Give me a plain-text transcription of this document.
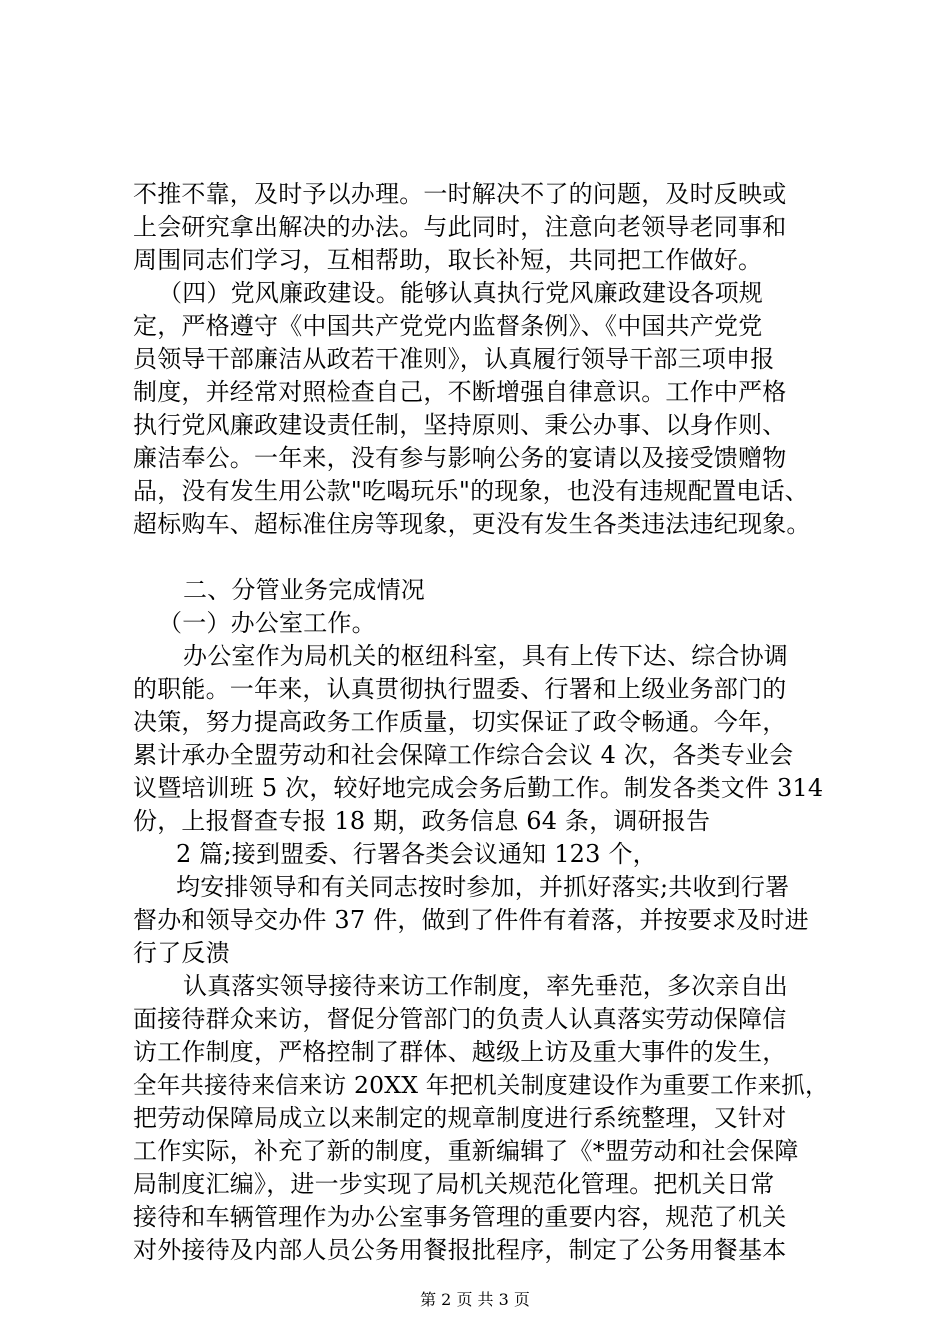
不推不靠，及时予以办理。一时解决不了的问题，及时反映或
上会研究拿出解决的办法。与此同时，注意向老领导老同事和
周围同志们学习，互相帮助，取长补短，共同把工作做好。
（四）党风廉政建设。能够认真执行党风廉政建设各项规
定，严格遵守《中国共产党党内监督条例》、《中国共产党党
员领导干部廉洁从政若干准则》，认真履行领导干部三项申报
制度，并经常对照检查自己，不断增强自律意识。工作中严格
执行党风廉政建设责任制，坚持原则、秉公办事、以身作则、
廉洁奉公。一年来，没有参与影响公务的宴请以及接受馈赠物
品，没有发生用公款"吃喝玩乐"的现象，也没有违规配置电话、
超标购车、超标准住房等现象，更没有发生各类违法违纪现象。
二、分管业务完成情况
（一）办公室工作。
办公室作为局机关的枢纽科室，具有上传下达、综合协调
的职能。一年来，认真贯彻执行盟委、行署和上级业务部门的
决策，努力提高政务工作质量，切实保证了政令畅通。今年，
累计承办全盟劳动和社会保障工作综合会议 4 次，各类专业会
议暨培训班 5 次，较好地完成会务后勤工作。制发各类文件 314
份，上报督查专报 18 期，政务信息 64 条，调研报告
2 篇;接到盟委、行署各类会议通知 123 个，
均安排领导和有关同志按时参加，并抓好落实;共收到行署
督办和领导交办件 37 件，做到了件件有着落，并按要求及时进
行了反溃
认真落实领导接待来访工作制度，率先垂范，多次亲自出
面接待群众来访，督促分管部门的负责人认真落实劳动保障信
访工作制度，严格控制了群体、越级上访及重大事件的发生，
全年共接待来信来访 20XX 年把机关制度建设作为重要工作来抓，
把劳动保障局成立以来制定的规章制度进行系统整理，又针对
工作实际，补充了新的制度，重新编辑了《*盟劳动和社会保障
局制度汇编》，进一步实现了局机关规范化管理。把机关日常
接待和车辆管理作为办公室事务管理的重要内容，规范了机关
对外接待及内部人员公务用餐报批程序，制定了公务用餐基本
第 2 页 共 3 页
